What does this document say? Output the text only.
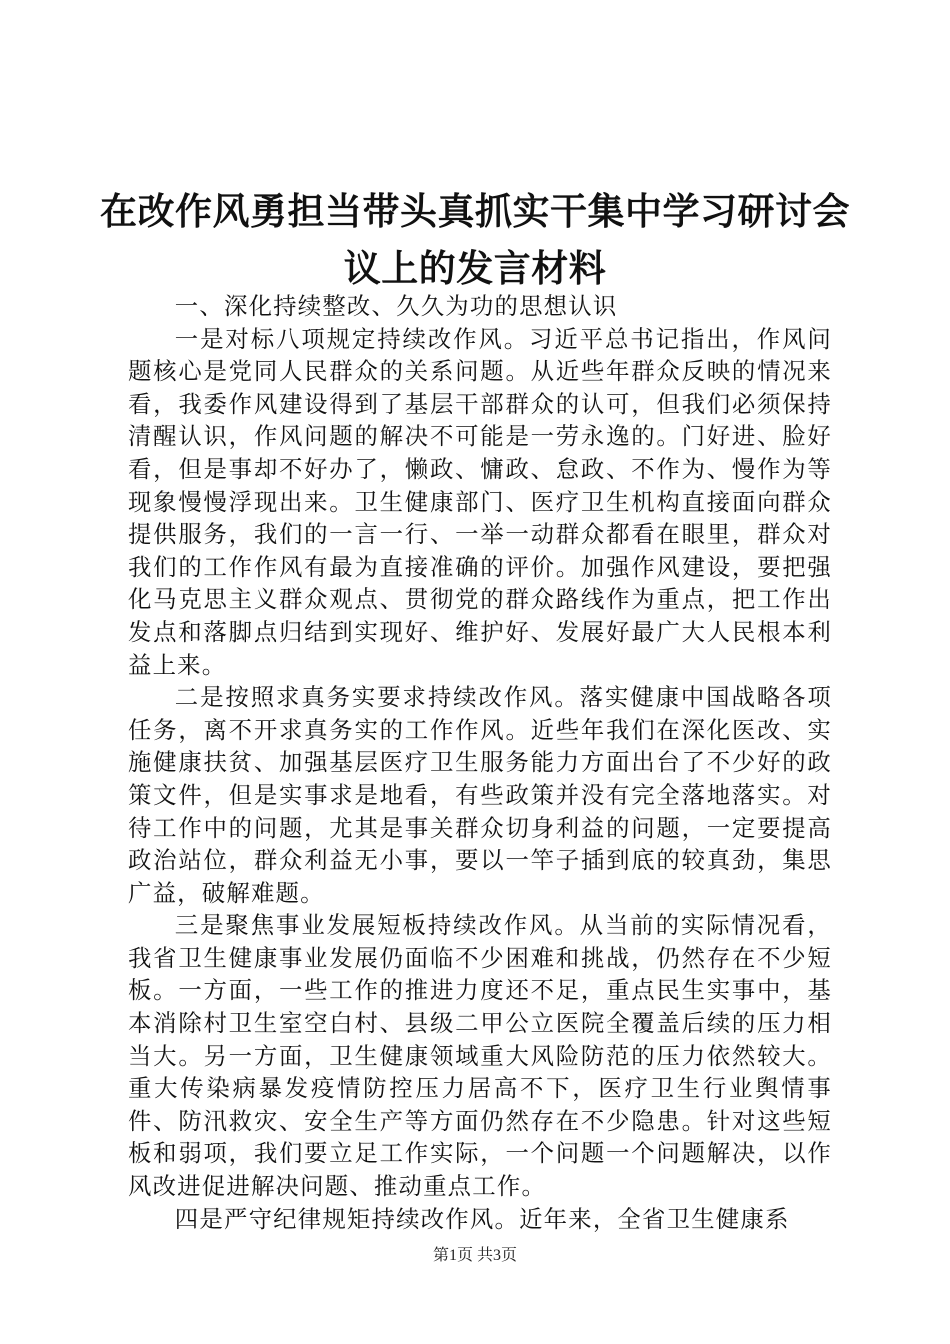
在改作风勇担当带头真抓实干集中学习研讨会议上的发言材料

一、深化持续整改、久久为功的思想认识

一是对标八项规定持续改作风。习近平总书记指出，作风问题核心是党同人民群众的关系问题。从近些年群众反映的情况来看，我委作风建设得到了基层干部群众的认可，但我们必须保持清醒认识，作风问题的解决不可能是一劳永逸的。门好进、脸好看，但是事却不好办了，懒政、慵政、怠政、不作为、慢作为等现象慢慢浮现出来。卫生健康部门、医疗卫生机构直接面向群众提供服务，我们的一言一行、一举一动群众都看在眼里，群众对我们的工作作风有最为直接准确的评价。加强作风建设，要把强化马克思主义群众观点、贯彻党的群众路线作为重点，把工作出发点和落脚点归结到实现好、维护好、发展好最广大人民根本利益上来。

二是按照求真务实要求持续改作风。落实健康中国战略各项任务，离不开求真务实的工作作风。近些年我们在深化医改、实施健康扶贫、加强基层医疗卫生服务能力方面出台了不少好的政策文件，但是实事求是地看，有些政策并没有完全落地落实。对待工作中的问题，尤其是事关群众切身利益的问题，一定要提高政治站位，群众利益无小事，要以一竿子插到底的较真劲，集思广益，破解难题。

三是聚焦事业发展短板持续改作风。从当前的实际情况看，我省卫生健康事业发展仍面临不少困难和挑战，仍然存在不少短板。一方面，一些工作的推进力度还不足，重点民生实事中，基本消除村卫生室空白村、县级二甲公立医院全覆盖后续的压力相当大。另一方面，卫生健康领域重大风险防范的压力依然较大。重大传染病暴发疫情防控压力居高不下，医疗卫生行业舆情事件、防汛救灾、安全生产等方面仍然存在不少隐患。针对这些短板和弱项，我们要立足工作实际，一个问题一个问题解决，以作风改进促进解决问题、推动重点工作。

四是严守纪律规矩持续改作风。近年来，全省卫生健康系

第1页 共3页
